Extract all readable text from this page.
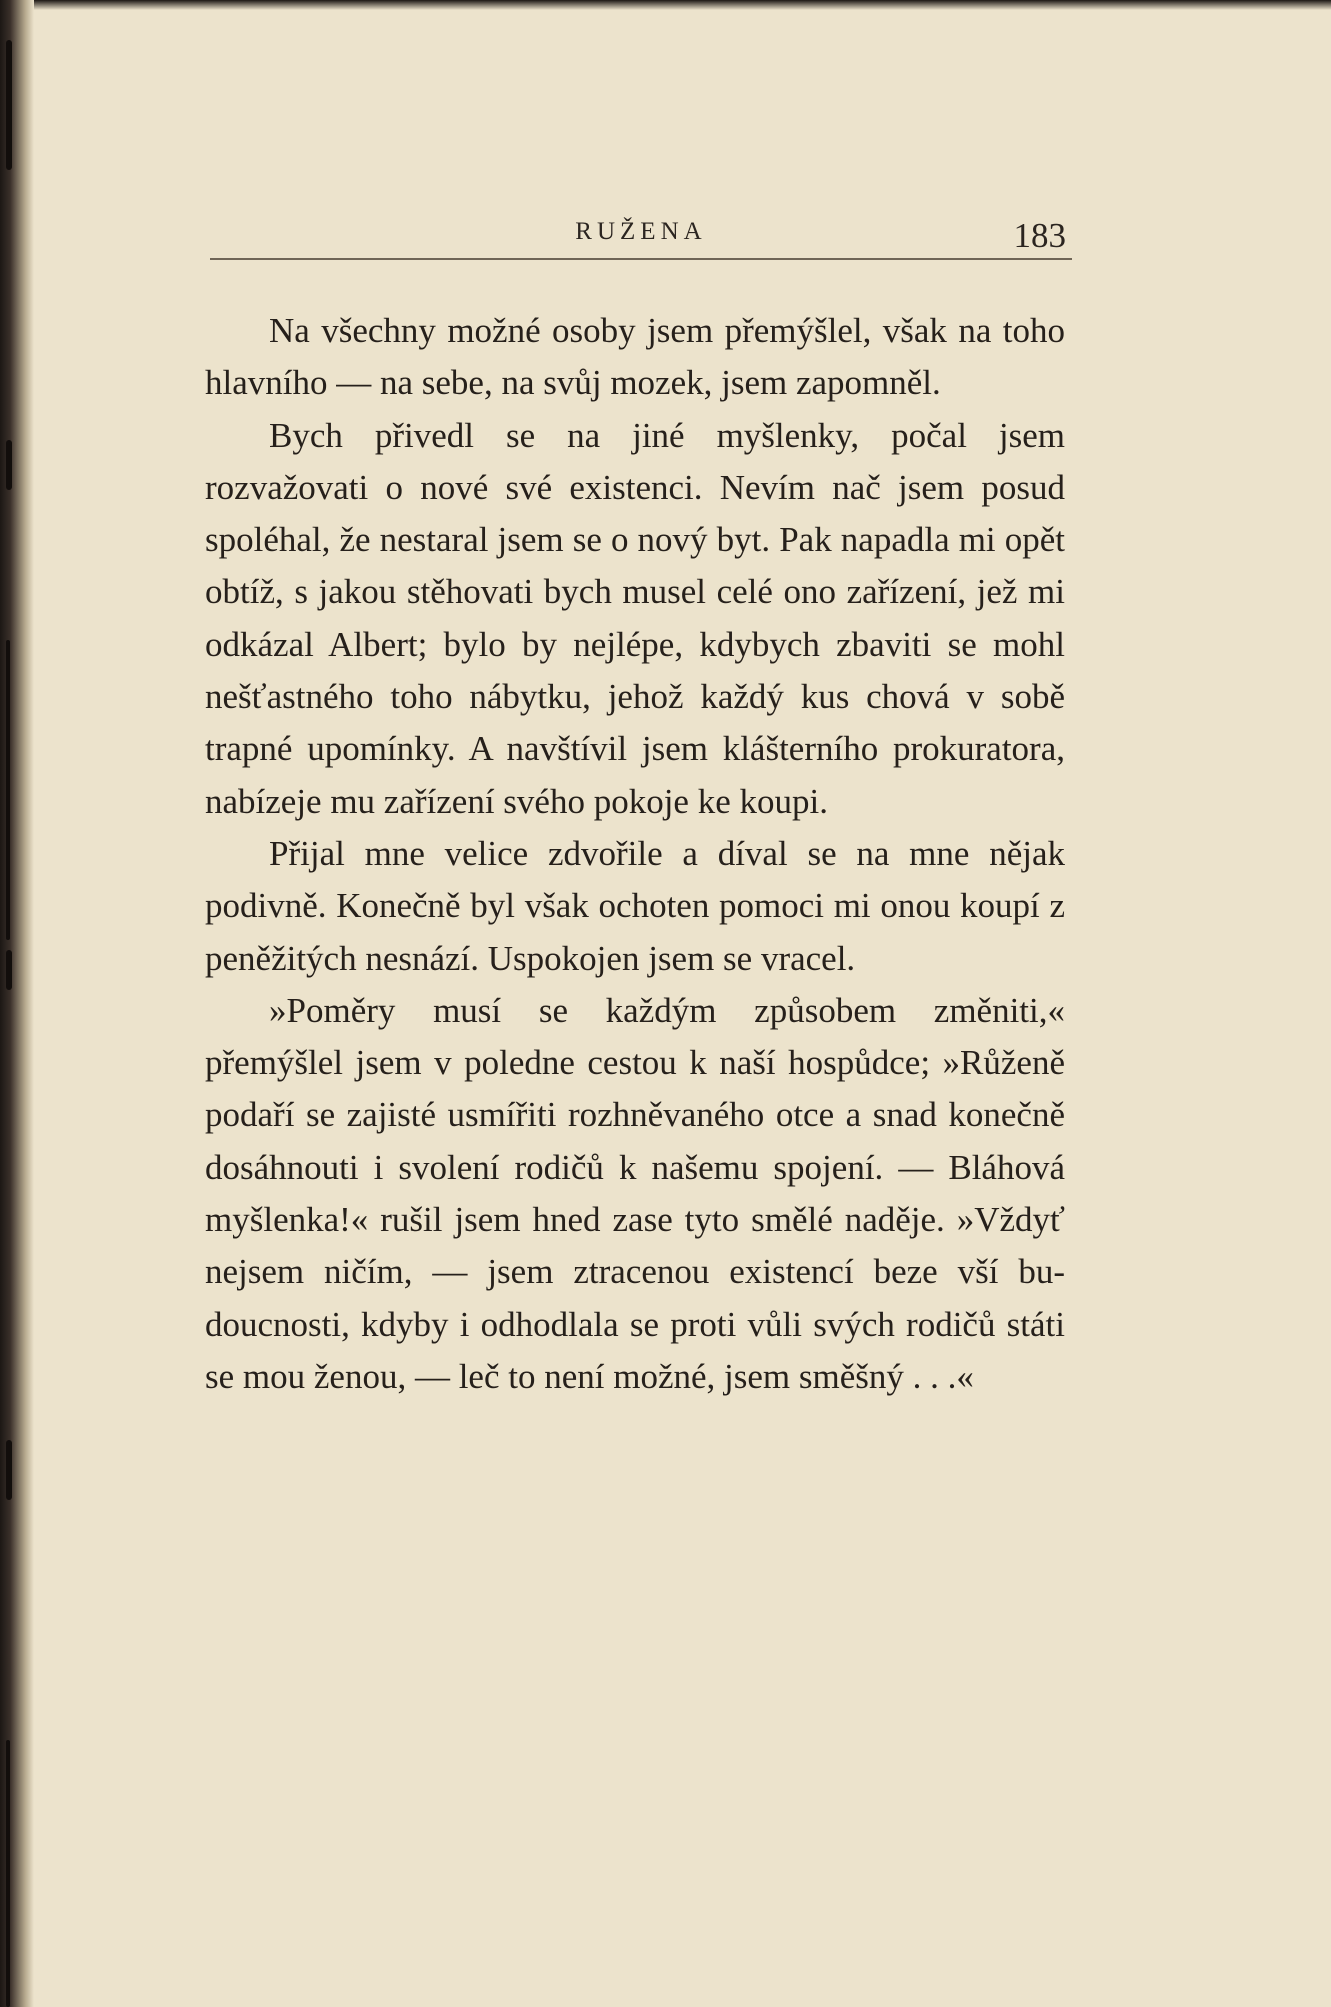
RUŽENA	183

Na všechny možné osoby jsem přemýšlel, však na toho hlavního — na sebe, na svůj mozek, jsem zapomněl.

Bych přivedl se na jiné myšlenky, počal jsem rozvažovati o nové své existenci. Nevím nač jsem posud spoléhal, že nestaral jsem se o nový byt. Pak napadla mi opět obtíž, s jakou stěhovati bych musel celé ono zařízení, jež mi odkázal Albert; bylo by nejlépe, kdybych zbaviti se mohl nešťastného toho nábytku, jehož každý kus chová v sobě trapné upomínky. A navštívil jsem klášterního prokuratora, nabízeje mu zařízení svého pokoje ke koupi.

Přijal mne velice zdvořile a díval se na mne nějak podivně. Konečně byl však ochoten pomoci mi onou koupí z peněžitých nesnází. Uspokojen jsem se vracel.

»Poměry musí se každým způsobem změniti,« přemýšlel jsem v poledne cestou k naší hospůdce; »Růženě podaří se zajisté usmířiti rozhněvaného otce a snad konečně dosáhnouti i svolení rodičů k našemu spojení. — Bláhová myšlenka!« rušil jsem hned zase tyto smělé naděje. »Vždyť nejsem ničím, — jsem ztracenou existencí beze vší budoucnosti, kdyby i odhodlala se proti vůli svých rodičů státi se mou ženou, — leč to není možné, jsem směšný . . .«
